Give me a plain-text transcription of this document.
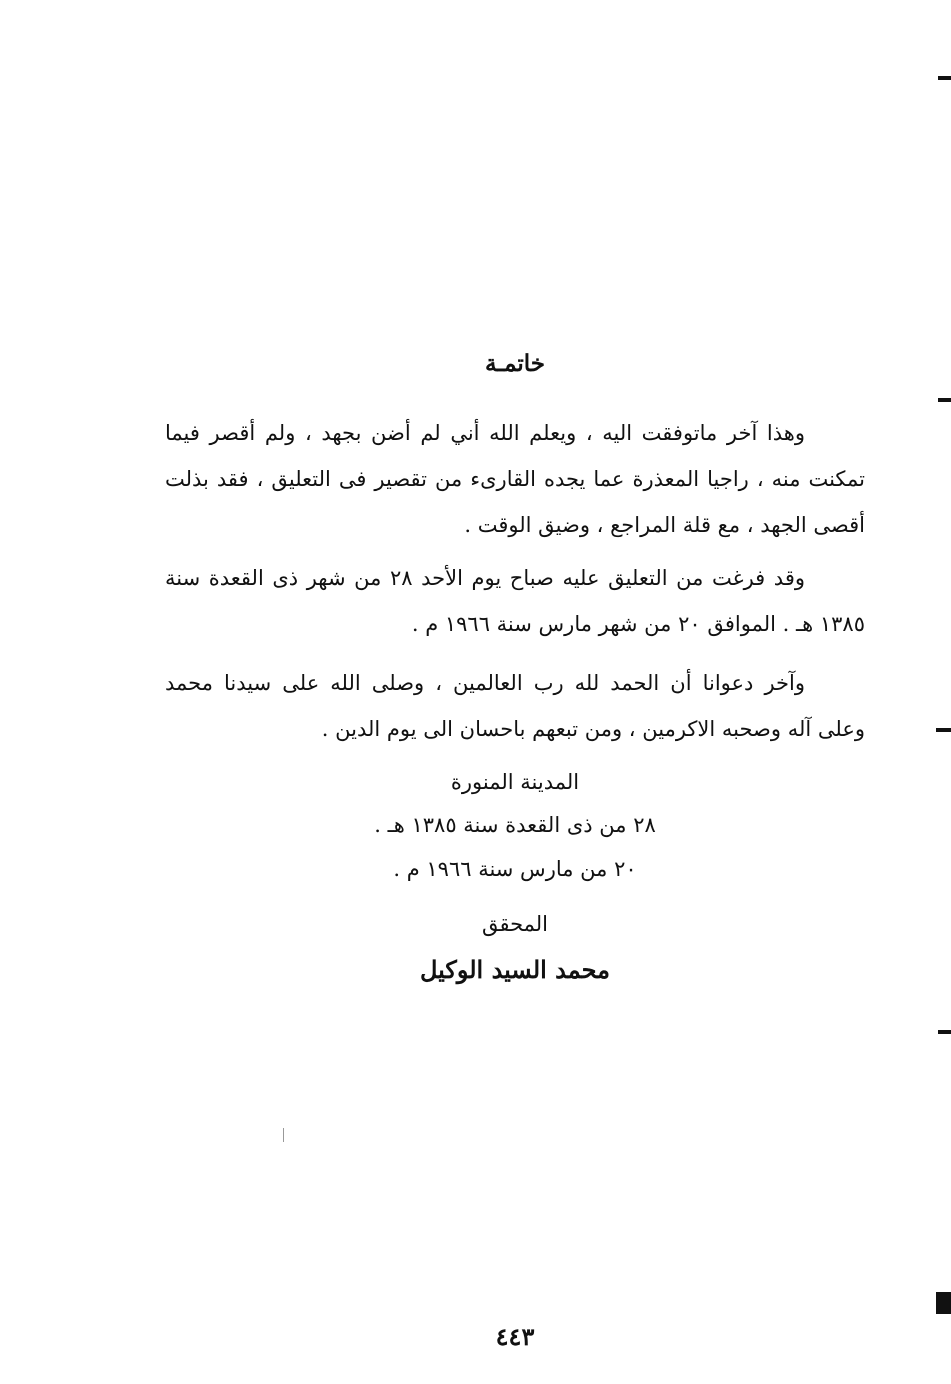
خاتمـة
وهذا آخر ماتوفقت اليه ، ويعلم الله أني لم أضن بجهد ، ولم أقصر فيما تمكنت منه ، راجيا المعذرة عما يجده القارىء من تقصير فى التعليق ، فقد بذلت أقصى الجهد ، مع قلة المراجع ، وضيق الوقت .
وقد فرغت من التعليق عليه صباح يوم الأحد ٢٨ من شهر ذى القعدة سنة ١٣٨٥ هـ . الموافق ٢٠ من شهر مارس سنة ١٩٦٦ م .
وآخر دعوانا أن الحمد لله رب العالمين ، وصلى الله على سيدنا محمد وعلى آله وصحبه الاكرمين ، ومن تبعهم باحسان الى يوم الدين .
المدينة المنورة
٢٨ من ذى القعدة سنة ١٣٨٥ هـ .
٢٠ من مارس سنة ١٩٦٦ م .
المحقق
محمد السيد الوكيل
٤٤٣
